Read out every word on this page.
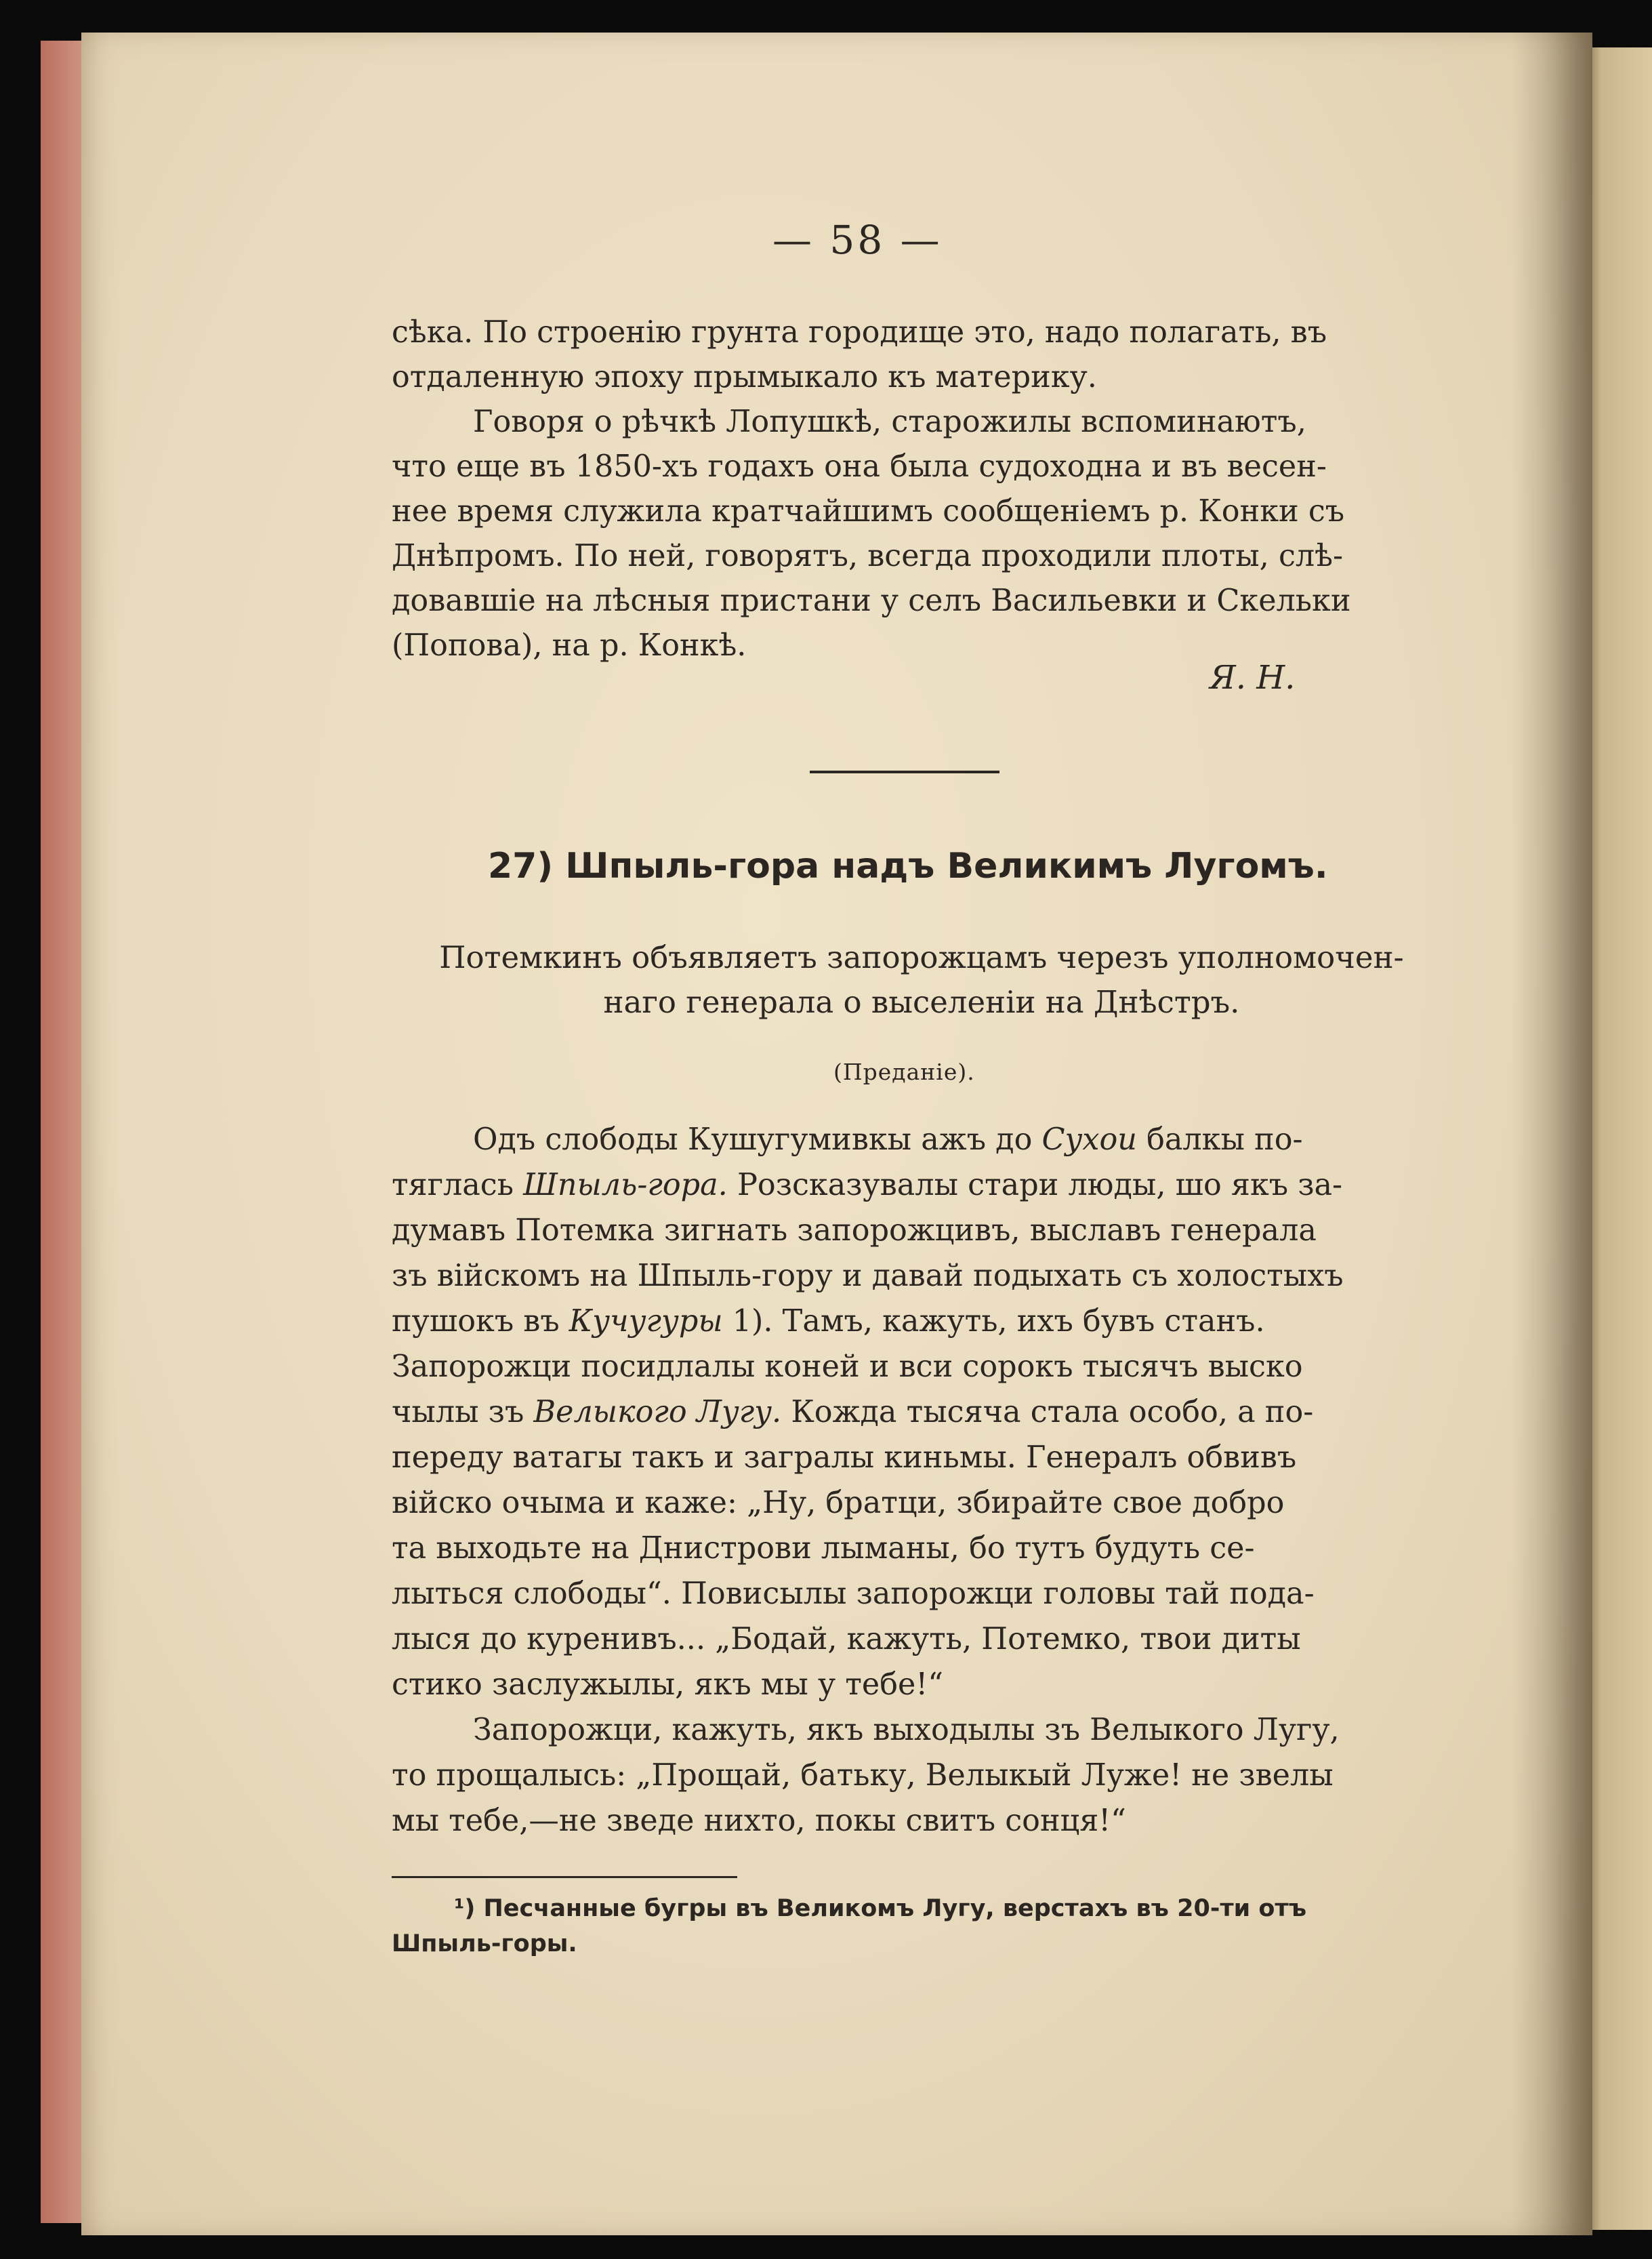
— 58 —
сѣка. По строенію грунта городище это, надо полагать, въ
отдаленную эпоху прымыкало къ материку.
Говоря о рѣчкѣ Лопушкѣ, старожилы вспоминаютъ,
что еще въ 1850-хъ годахъ она была судоходна и въ весен-
нее время служила кратчайшимъ сообщеніемъ р. Конки съ
Днѣпромъ. По ней, говорятъ, всегда проходили плоты, слѣ-
довавшіе на лѣсныя пристани у селъ Васильевки и Скельки
(Попова), на р. Конкѣ.
Я. Н.
27) Шпыль-гора надъ Великимъ Лугомъ.
Потемкинъ объявляетъ запорожцамъ черезъ уполномочен-
наго генерала о выселеніи на Днѣстръ.
(Преданіе).
Одъ слободы Кушугумивкы ажъ до Сухои балкы по-
тяглась Шпыль-гора. Розсказувалы стари люды, шо якъ за-
думавъ Потемка зигнать запорожцивъ, выславъ генерала
зъ війскомъ на Шпыль-гору и давай подыхать съ холостыхъ
пушокъ въ Кучугуры 1). Тамъ, кажуть, ихъ бувъ станъ.
Запорожци посидлалы коней и вси сорокъ тысячъ выско
чылы зъ Велыкого Лугу. Кожда тысяча стала особо, а по-
переду ватагы такъ и загралы киньмы. Генералъ обвивъ
війско очыма и каже: „Ну, братци, збирайте свое добро
та выходьте на Днистрови лыманы, бо тутъ будуть се-
лыться слободы“. Повисылы запорожци головы тай пода-
лыся до куренивъ... „Бодай, кажуть, Потемко, твои диты
стико заслужылы, якъ мы у тебе!“
Запорожци, кажуть, якъ выходылы зъ Велыкого Лугу,
то прощалысь: „Прощай, батьку, Велыкый Луже! не звелы
мы тебе,—не зведе нихто, покы свитъ сонця!“
¹) Песчанные бугры въ Великомъ Лугу, верстахъ въ 20-ти отъ
Шпыль-горы.
